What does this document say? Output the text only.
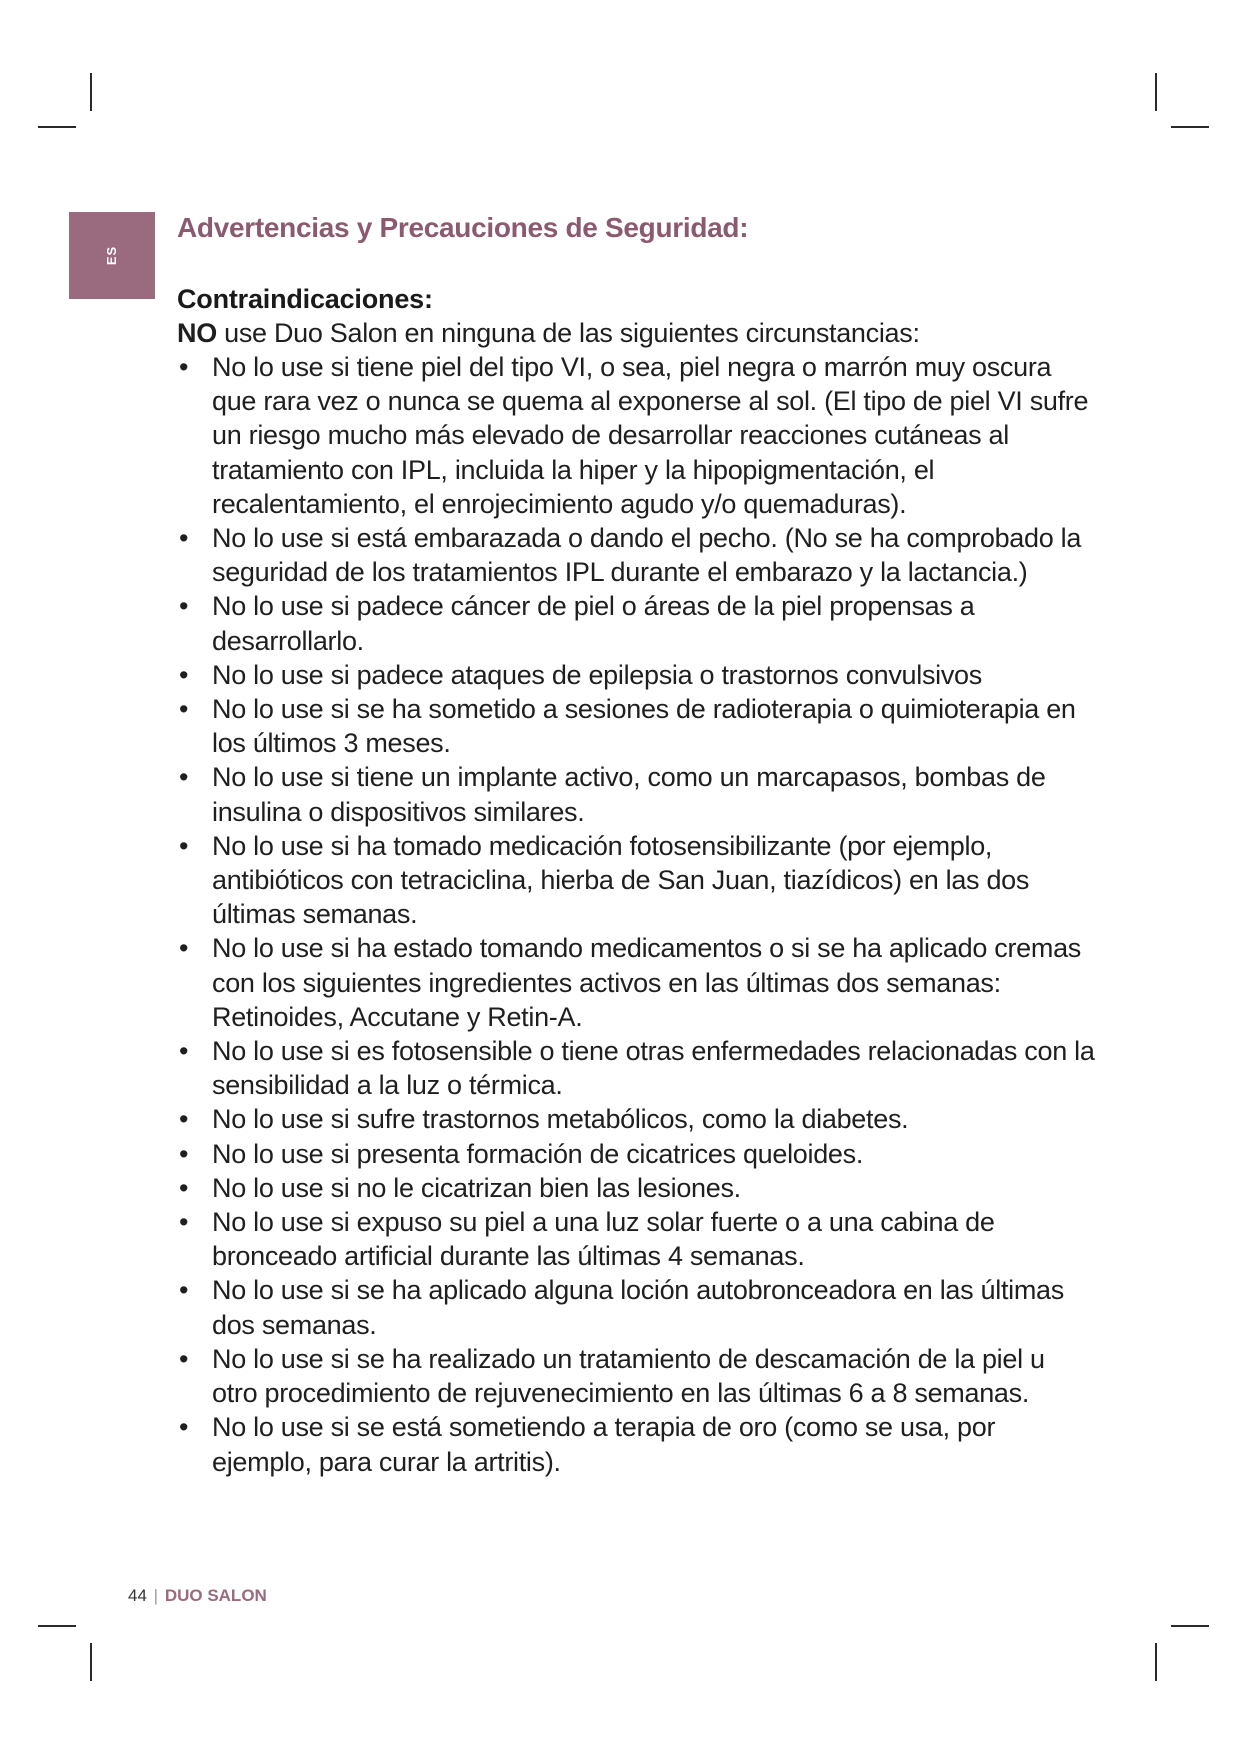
ES
Advertencias y Precauciones de Seguridad:
Contraindicaciones:

NO use Duo Salon en ninguna de las siguientes circunstancias:

• No lo use si tiene piel del tipo VI, o sea, piel negra o marrón muy oscura que rara vez o nunca se quema al exponerse al sol. (El tipo de piel VI sufre un riesgo mucho más elevado de desarrollar reacciones cutáneas al tratamiento con IPL, incluida la hiper y la hipopigmentación, el recalentamiento, el enrojecimiento agudo y/o quemaduras).
• No lo use si está embarazada o dando el pecho. (No se ha comprobado la seguridad de los tratamientos IPL durante el embarazo y la lactancia.)
• No lo use si padece cáncer de piel o áreas de la piel propensas a desarrollarlo.
• No lo use si padece ataques de epilepsia o trastornos convulsivos
• No lo use si se ha sometido a sesiones de radioterapia o quimioterapia en los últimos 3 meses.
• No lo use si tiene un implante activo, como un marcapasos, bombas de insulina o dispositivos similares.
• No lo use si ha tomado medicación fotosensibilizante (por ejemplo, antibióticos con tetraciclina, hierba de San Juan, tiazídicos) en las dos últimas semanas.
• No lo use si ha estado tomando medicamentos o si se ha aplicado cremas con los siguientes ingredientes activos en las últimas dos semanas: Retinoides, Accutane y Retin-A.
• No lo use si es fotosensible o tiene otras enfermedades relacionadas con la sensibilidad a la luz o térmica.
• No lo use si sufre trastornos metabólicos, como la diabetes.
• No lo use si presenta formación de cicatrices queloides.
• No lo use si no le cicatrizan bien las lesiones.
• No lo use si expuso su piel a una luz solar fuerte o a una cabina de bronceado artificial durante las últimas 4 semanas.
• No lo use si se ha aplicado alguna loción autobronceadora en las últimas dos semanas.
• No lo use si se ha realizado un tratamiento de descamación de la piel u otro procedimiento de rejuvenecimiento en las últimas 6 a 8 semanas.
• No lo use si se está sometiendo a terapia de oro (como se usa, por ejemplo, para curar la artritis).
44 | DUO SALON
